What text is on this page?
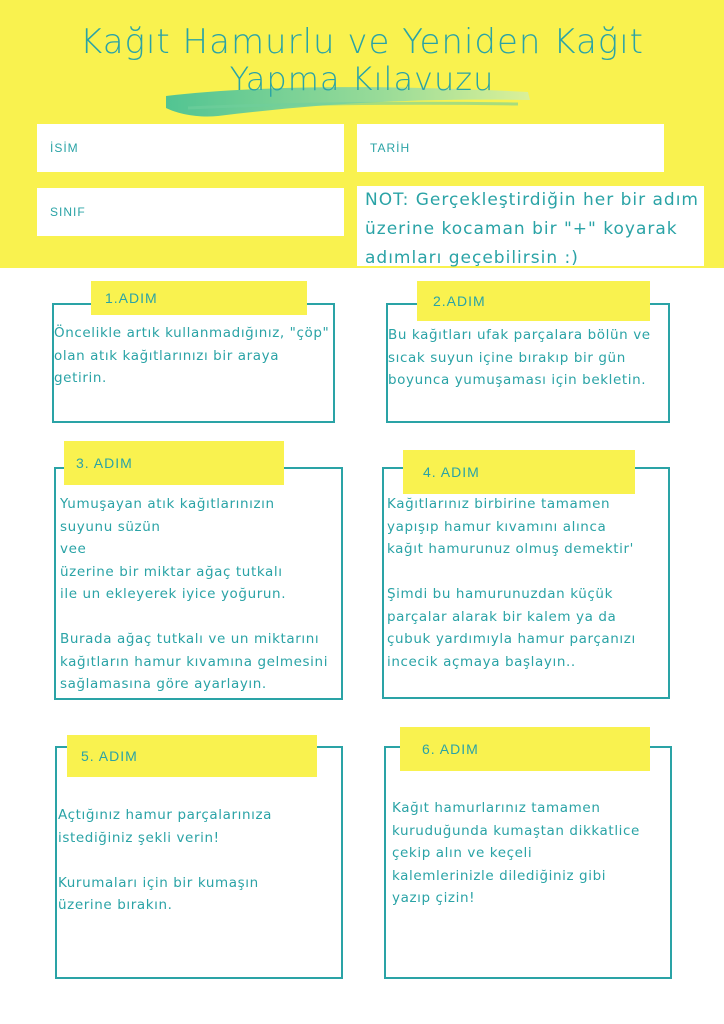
Kağıt Hamurlu ve Yeniden Kağıt
Yapma Kılavuzu
İSİM	TARİH
SINIF
NOT: Gerçekleştirdiğin her bir adım üzerine kocaman bir "+" koyarak adımları geçebilirsin :)
1.ADIM
Öncelikle artık kullanmadığınız, "çöp" olan atık kağıtlarınızı bir araya getirin.
2.ADIM
Bu kağıtları ufak parçalara bölün ve sıcak suyun içine bırakıp bir gün boyunca yumuşaması için bekletin.
3. ADIM
Yumuşayan atık kağıtlarınızın
suyunu süzün
vee
üzerine bir miktar ağaç tutkalı
ile un ekleyerek iyice yoğurun.

Burada ağaç tutkalı ve un miktarını
kağıtların hamur kıvamına gelmesini
sağlamasına göre ayarlayın.
4. ADIM
Kağıtlarınız birbirine tamamen
yapışıp hamur kıvamını alınca
kağıt hamurunuz olmuş demektir'

Şimdi bu hamurunuzdan küçük
parçalar alarak bir kalem ya da
çubuk yardımıyla hamur parçanızı
incecik açmaya başlayın..
5. ADIM
Açtığınız hamur parçalarınıza
istediğiniz şekli verin!

Kurumaları için bir kumaşın
üzerine bırakın.
6. ADIM
Kağıt hamurlarınız tamamen
kuruduğunda kumaştan dikkatlice
çekip alın ve keçeli
kalemlerinizle dilediğiniz gibi
yazıp çizin!
